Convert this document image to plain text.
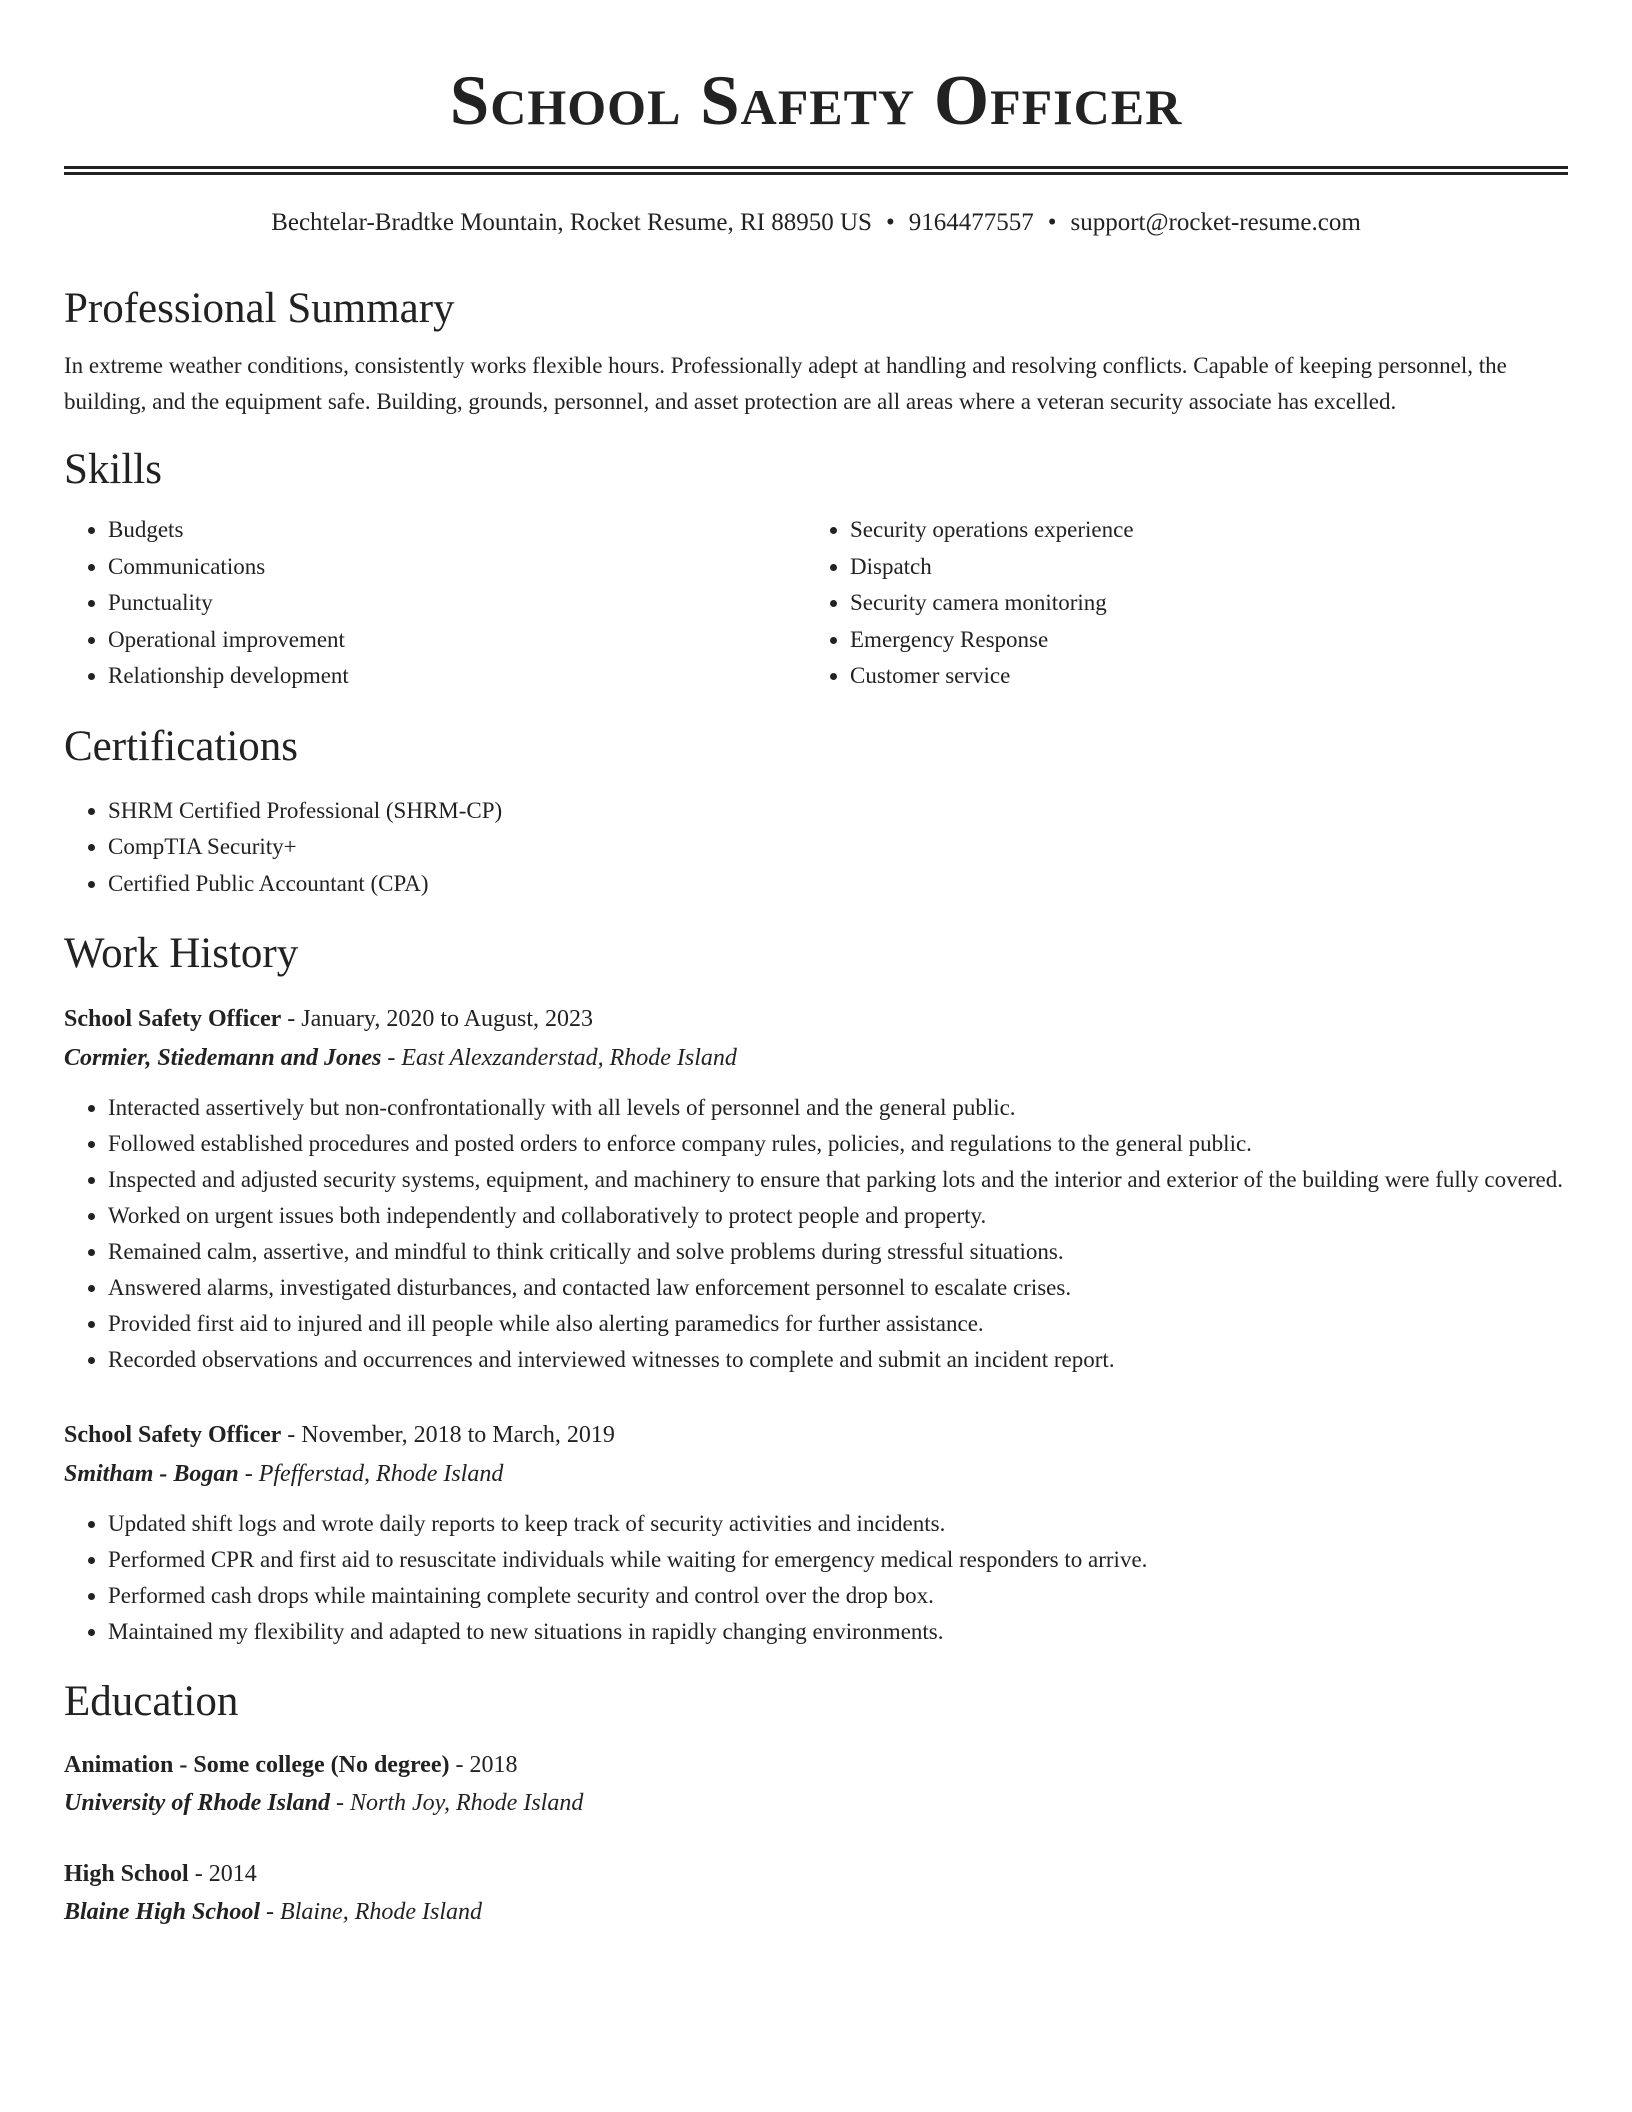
School Safety Officer
Bechtelar-Bradtke Mountain, Rocket Resume, RI 88950 US • 9164477557 • support@rocket-resume.com
Professional Summary

In extreme weather conditions, consistently works flexible hours. Professionally adept at handling and resolving conflicts. Capable of keeping personnel, the building, and the equipment safe. Building, grounds, personnel, and asset protection are all areas where a veteran security associate has excelled.

Skills
• Budgets
• Communications
• Punctuality
• Operational improvement
• Relationship development
• Security operations experience
• Dispatch
• Security camera monitoring
• Emergency Response
• Customer service
Certifications
• SHRM Certified Professional (SHRM-CP)
• CompTIA Security+
• Certified Public Accountant (CPA)
Work History
School Safety Officer - January, 2020 to August, 2023
Cormier, Stiedemann and Jones - East Alexzanderstad, Rhode Island
• Interacted assertively but non-confrontationally with all levels of personnel and the general public.
• Followed established procedures and posted orders to enforce company rules, policies, and regulations to the general public.
• Inspected and adjusted security systems, equipment, and machinery to ensure that parking lots and the interior and exterior of the building were fully covered.
• Worked on urgent issues both independently and collaboratively to protect people and property.
• Remained calm, assertive, and mindful to think critically and solve problems during stressful situations.
• Answered alarms, investigated disturbances, and contacted law enforcement personnel to escalate crises.
• Provided first aid to injured and ill people while also alerting paramedics for further assistance.
• Recorded observations and occurrences and interviewed witnesses to complete and submit an incident report.
School Safety Officer - November, 2018 to March, 2019
Smitham - Bogan - Pfefferstad, Rhode Island
• Updated shift logs and wrote daily reports to keep track of security activities and incidents.
• Performed CPR and first aid to resuscitate individuals while waiting for emergency medical responders to arrive.
• Performed cash drops while maintaining complete security and control over the drop box.
• Maintained my flexibility and adapted to new situations in rapidly changing environments.
Education
Animation - Some college (No degree) - 2018
University of Rhode Island - North Joy, Rhode Island
High School - 2014
Blaine High School - Blaine, Rhode Island
